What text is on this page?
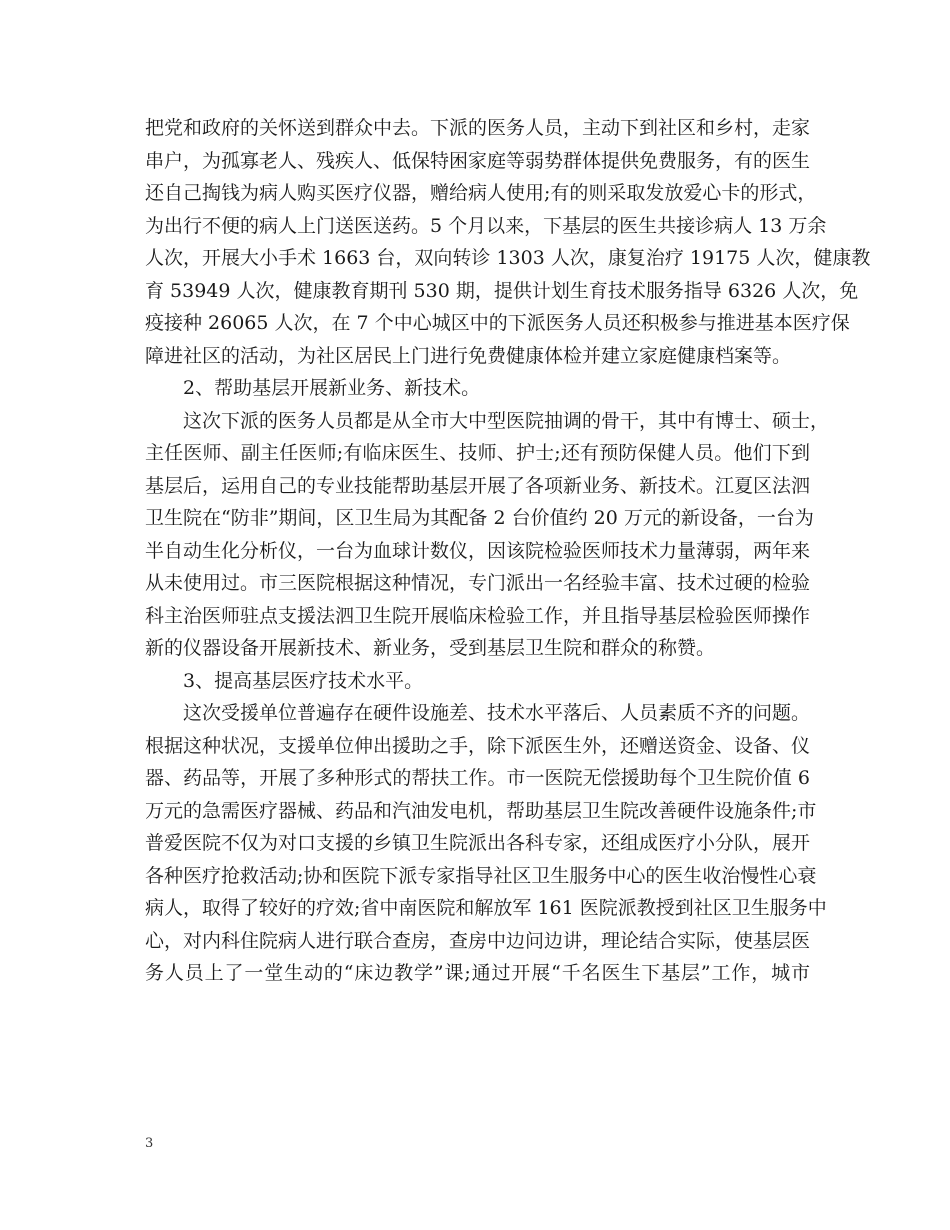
把党和政府的关怀送到群众中去。下派的医务人员，主动下到社区和乡村，走家
串户，为孤寡老人、残疾人、低保特困家庭等弱势群体提供免费服务，有的医生
还自己掏钱为病人购买医疗仪器，赠给病人使用;有的则采取发放爱心卡的形式，
为出行不便的病人上门送医送药。5 个月以来，下基层的医生共接诊病人 13 万余
人次，开展大小手术 1663 台，双向转诊 1303 人次，康复治疗 19175 人次，健康教
育 53949 人次，健康教育期刊 530 期，提供计划生育技术服务指导 6326 人次，免
疫接种 26065 人次，在 7 个中心城区中的下派医务人员还积极参与推进基本医疗保
障进社区的活动，为社区居民上门进行免费健康体检并建立家庭健康档案等。
2、帮助基层开展新业务、新技术。
这次下派的医务人员都是从全市大中型医院抽调的骨干，其中有博士、硕士，
主任医师、副主任医师;有临床医生、技师、护士;还有预防保健人员。他们下到
基层后，运用自己的专业技能帮助基层开展了各项新业务、新技术。江夏区法泗
卫生院在“防非”期间，区卫生局为其配备 2 台价值约 20 万元的新设备，一台为
半自动生化分析仪，一台为血球计数仪，因该院检验医师技术力量薄弱，两年来
从未使用过。市三医院根据这种情况，专门派出一名经验丰富、技术过硬的检验
科主治医师驻点支援法泗卫生院开展临床检验工作，并且指导基层检验医师操作
新的仪器设备开展新技术、新业务，受到基层卫生院和群众的称赞。
3、提高基层医疗技术水平。
这次受援单位普遍存在硬件设施差、技术水平落后、人员素质不齐的问题。
根据这种状况，支援单位伸出援助之手，除下派医生外，还赠送资金、设备、仪
器、药品等，开展了多种形式的帮扶工作。市一医院无偿援助每个卫生院价值 6
万元的急需医疗器械、药品和汽油发电机，帮助基层卫生院改善硬件设施条件;市
普爱医院不仅为对口支援的乡镇卫生院派出各科专家，还组成医疗小分队，展开
各种医疗抢救活动;协和医院下派专家指导社区卫生服务中心的医生收治慢性心衰
病人，取得了较好的疗效;省中南医院和解放军 161 医院派教授到社区卫生服务中
心，对内科住院病人进行联合查房，查房中边问边讲，理论结合实际，使基层医
务人员上了一堂生动的“床边教学”课;通过开展“千名医生下基层”工作，城市
3
